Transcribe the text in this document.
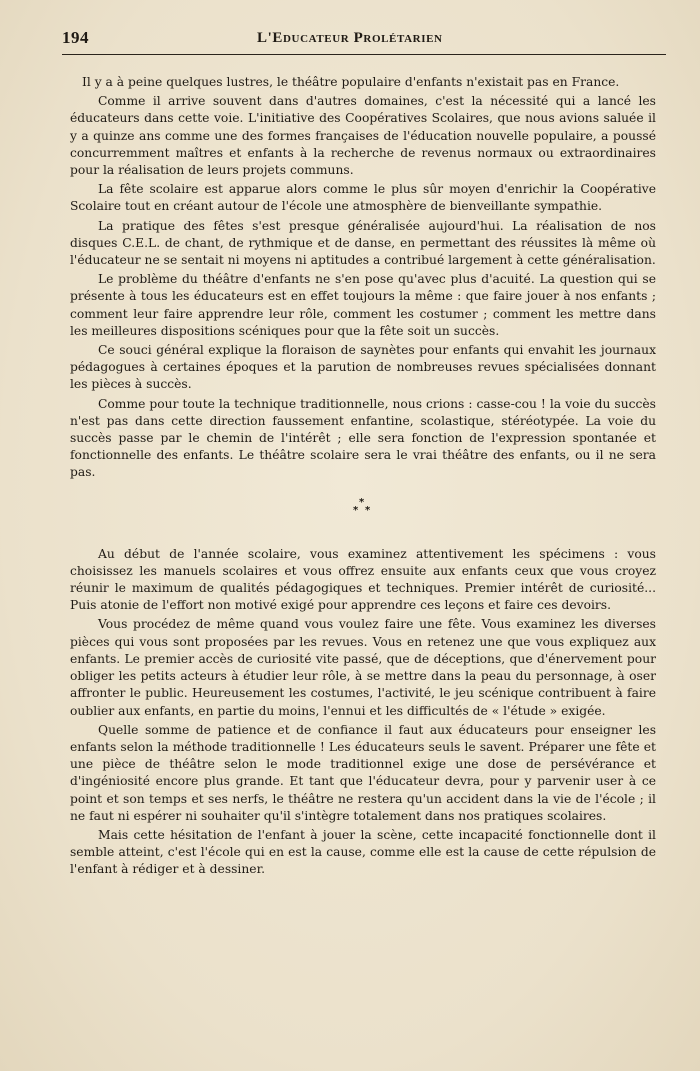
194	L'Educateur Prolétarien

Il y a à peine quelques lustres, le théâtre populaire d'enfants n'existait pas en France.

Comme il arrive souvent dans d'autres domaines, c'est la nécessité qui a lancé les éducateurs dans cette voie. L'initiative des Coopératives Scolaires, que nous avions saluée il y a quinze ans comme une des formes françaises de l'éducation nouvelle populaire, a poussé concurremment maîtres et enfants à la recherche de revenus normaux ou extraordinaires pour la réalisation de leurs projets communs.

La fête scolaire est apparue alors comme le plus sûr moyen d'enrichir la Coopérative Scolaire tout en créant autour de l'école une atmosphère de bienveillante sympathie.

La pratique des fêtes s'est presque généralisée aujourd'hui. La réalisation de nos disques C.E.L. de chant, de rythmique et de danse, en permettant des réussites là même où l'éducateur ne se sentait ni moyens ni aptitudes a contribué largement à cette généralisation.

Le problème du théâtre d'enfants ne s'en pose qu'avec plus d'acuité. La question qui se présente à tous les éducateurs est en effet toujours la même : que faire jouer à nos enfants ; comment leur faire apprendre leur rôle, comment les costumer ; comment les mettre dans les meilleures dispositions scéniques pour que la fête soit un succès.

Ce souci général explique la floraison de saynètes pour enfants qui envahit les journaux pédagogues à certaines époques et la parution de nombreuses revues spécialisées donnant les pièces à succès.

Comme pour toute la technique traditionnelle, nous crions : casse-cou ! la voie du succès n'est pas dans cette direction faussement enfantine, scolastique, stéréotypée. La voie du succès passe par le chemin de l'intérêt ; elle sera fonction de l'expression spontanée et fonctionnelle des enfants. Le théâtre scolaire sera le vrai théâtre des enfants, ou il ne sera pas.

*
* *

Au début de l'année scolaire, vous examinez attentivement les spécimens : vous choisissez les manuels scolaires et vous offrez ensuite aux enfants ceux que vous croyez réunir le maximum de qualités pédagogiques et techniques. Premier intérêt de curiosité... Puis atonie de l'effort non motivé exigé pour apprendre ces leçons et faire ces devoirs.

Vous procédez de même quand vous voulez faire une fête. Vous examinez les diverses pièces qui vous sont proposées par les revues. Vous en retenez une que vous expliquez aux enfants. Le premier accès de curiosité vite passé, que de déceptions, que d'énervement pour obliger les petits acteurs à étudier leur rôle, à se mettre dans la peau du personnage, à oser affronter le public. Heureusement les costumes, l'activité, le jeu scénique contribuent à faire oublier aux enfants, en partie du moins, l'ennui et les difficultés de « l'étude » exigée.

Quelle somme de patience et de confiance il faut aux éducateurs pour enseigner les enfants selon la méthode traditionnelle ! Les éducateurs seuls le savent. Préparer une fête et une pièce de théâtre selon le mode traditionnel exige une dose de persévérance et d'ingéniosité encore plus grande. Et tant que l'éducateur devra, pour y parvenir user à ce point et son temps et ses nerfs, le théâtre ne restera qu'un accident dans la vie de l'école ; il ne faut ni espérer ni souhaiter qu'il s'intègre totalement dans nos pratiques scolaires.

Mais cette hésitation de l'enfant à jouer la scène, cette incapacité fonctionnelle dont il semble atteint, c'est l'école qui en est la cause, comme elle est la cause de cette répulsion de l'enfant à rédiger et à dessiner.
